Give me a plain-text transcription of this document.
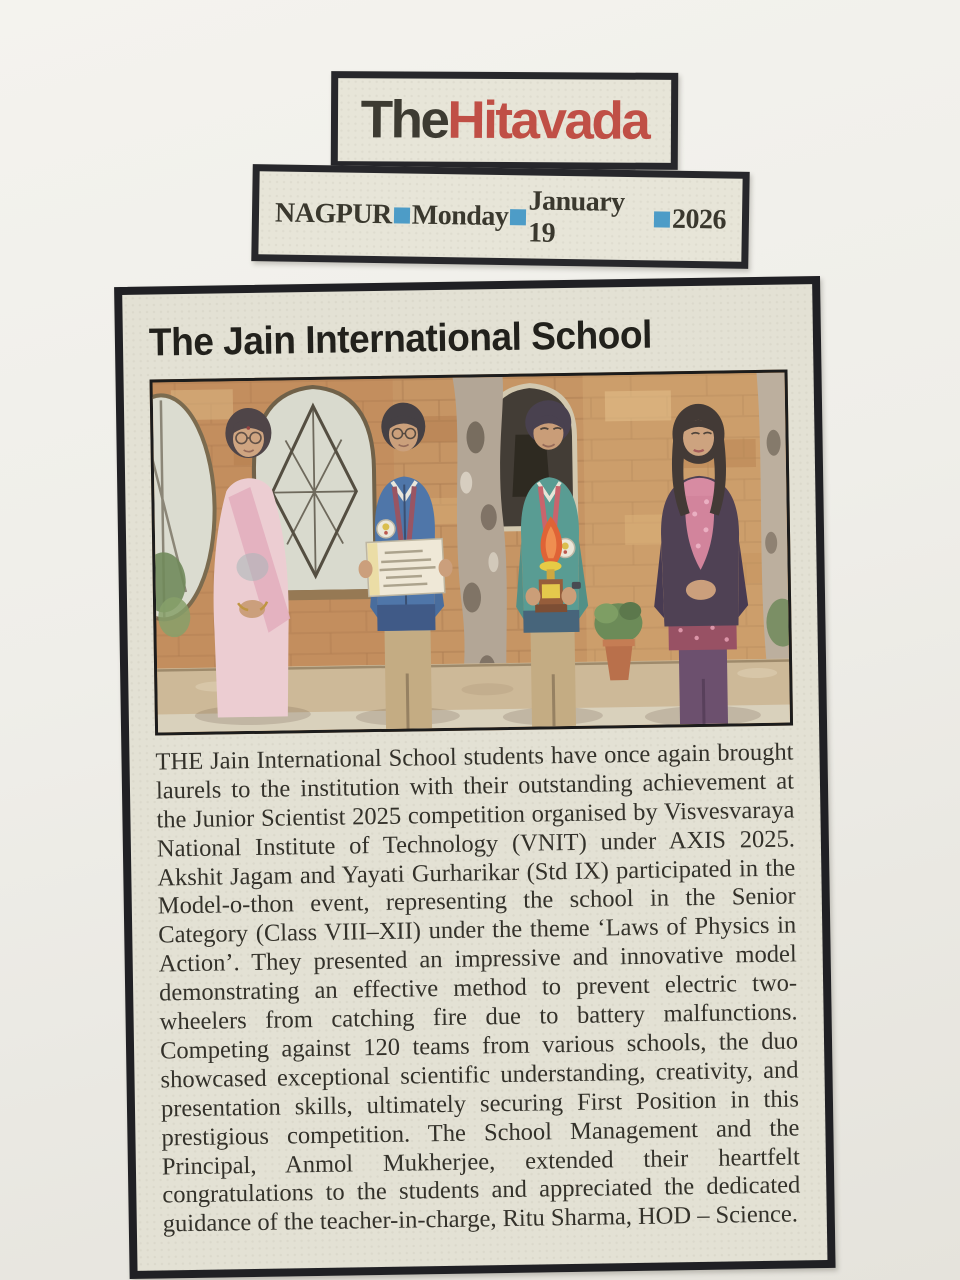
TheHitavada
NAGPUR Monday January 19	2026
The Jain International School

THE Jain International School students have once again brought laurels to the institution with their outstanding achievement at the Junior Scientist 2025 competition organised by Visvesvaraya National Institute of Technology (VNIT) under AXIS 2025. Akshit Jagam and Yayati Gurharikar (Std IX) participated in the Model-o-thon event, representing the school in the Senior Category (Class VIII–XII) under the theme ‘Laws of Physics in Action’. They presented an impressive and innovative model demonstrating an effective method to prevent electric two-wheelers from catching fire due to battery malfunctions. Competing against 120 teams from various schools, the duo showcased exceptional scientific understanding, creativity, and presentation skills, ultimately securing First Position in this prestigious competition. The School Management and the Principal, Anmol Mukherjee, extended their heartfelt congratulations to the students and appreciated the dedicated guidance of the teacher-in-charge, Ritu Sharma, HOD – Science.
